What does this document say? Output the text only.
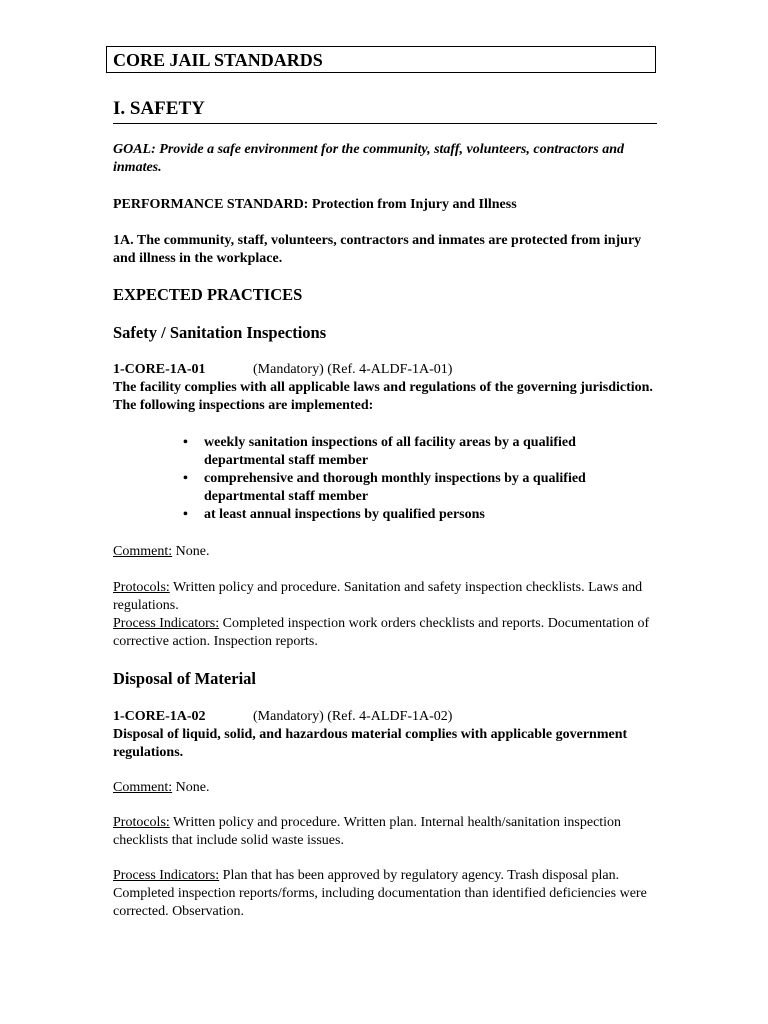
CORE JAIL STANDARDS
I. SAFETY
GOAL: Provide a safe environment for the community, staff, volunteers, contractors and inmates.
PERFORMANCE STANDARD: Protection from Injury and Illness
1A. The community, staff, volunteers, contractors and inmates are protected from injury and illness in the workplace.
EXPECTED PRACTICES
Safety / Sanitation Inspections
1-CORE-1A-01	(Mandatory) (Ref. 4-ALDF-1A-01)
The facility complies with all applicable laws and regulations of the governing jurisdiction. The following inspections are implemented:
• weekly sanitation inspections of all facility areas by a qualified departmental staff member
• comprehensive and thorough monthly inspections by a qualified departmental staff member
• at least annual inspections by qualified persons
Comment: None.
Protocols: Written policy and procedure. Sanitation and safety inspection checklists. Laws and regulations.
Process Indicators: Completed inspection work orders checklists and reports. Documentation of corrective action. Inspection reports.
Disposal of Material
1-CORE-1A-02	(Mandatory) (Ref. 4-ALDF-1A-02)
Disposal of liquid, solid, and hazardous material complies with applicable government regulations.
Comment: None.
Protocols: Written policy and procedure. Written plan. Internal health/sanitation inspection checklists that include solid waste issues.
Process Indicators: Plan that has been approved by regulatory agency. Trash disposal plan. Completed inspection reports/forms, including documentation than identified deficiencies were corrected. Observation.
